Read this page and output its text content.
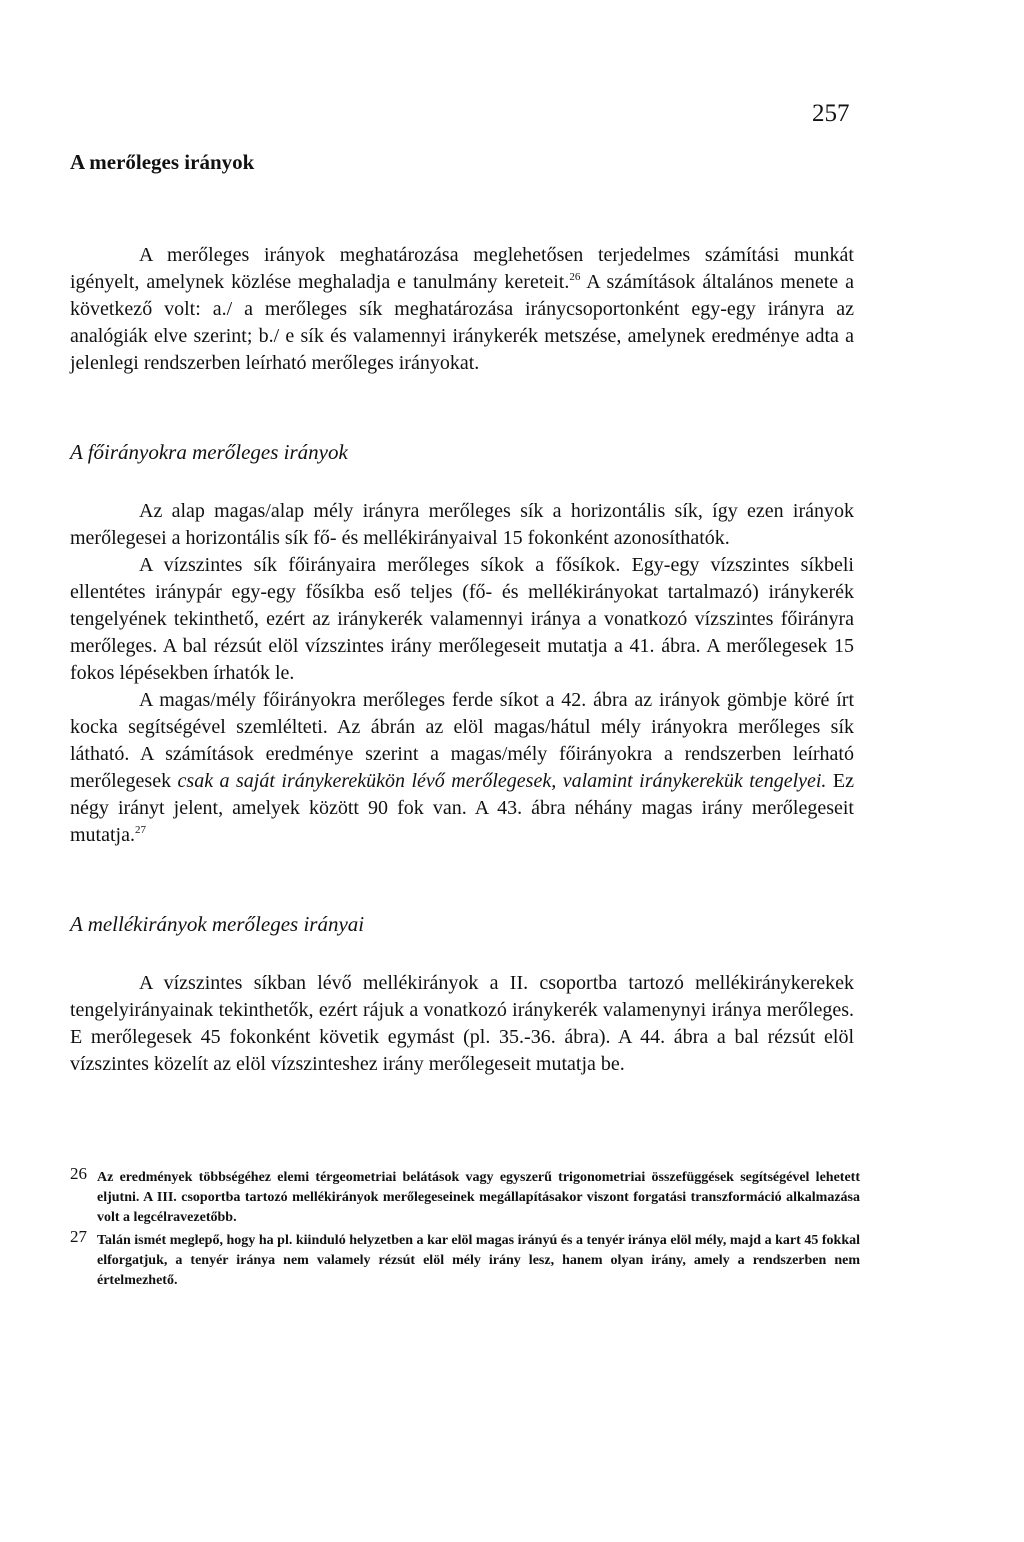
257
A merőleges irányok

A merőleges irányok meghatározása meglehetősen terjedelmes számítási munkát igényelt, amelynek közlése meghaladja e tanulmány kereteit.$^{26}$ A számítások általános menete a következő volt: a./ a merőleges sík meghatározása iránycsoportonként egy-egy irányra az analógiák elve szerint; b./ e sík és valamennyi iránykerék metszése, amelynek eredménye adta a jelenlegi rendszerben leírható merőleges irányokat.

A főirányokra merőleges irányok

Az alap magas/alap mély irányra merőleges sík a horizontális sík, így ezen irányok merőlegesei a horizontális sík fő- és mellékirányaival 15 fokonként azonosíthatók.

A vízszintes sík főirányaira merőleges síkok a fősíkok. Egy-egy vízszintes síkbeli ellentétes iránypár egy-egy fősíkba eső teljes (fő- és mellékirányokat tartalmazó) iránykerék tengelyének tekinthető, ezért az iránykerék valamennyi iránya a vonatkozó vízszintes főirányra merőleges. A bal rézsút elöl vízszintes irány merőlegeseit mutatja a 41. ábra. A merőlegesek 15 fokos lépésekben írhatók le.

A magas/mély főirányokra merőleges ferde síkot a 42. ábra az irányok gömbje köré írt kocka segítségével szemlélteti. Az ábrán az elöl magas/hátul mély irányokra merőleges sík látható. A számítások eredménye szerint a magas/mély főirányokra a rendszerben leírható merőlegesek csak a saját iránykerekükön lévő merőlegesek, valamint iránykerekük tengelyei. Ez négy irányt jelent, amelyek között 90 fok van. A 43. ábra néhány magas irány merőlegeseit mutatja.$^{27}$

A mellékirányok merőleges irányai

A vízszintes síkban lévő mellékirányok a II. csoportba tartozó mellékiránykerekek tengelyirányainak tekinthetők, ezért rájuk a vonatkozó iránykerék valamenynyi iránya merőleges. E merőlegesek 45 fokonként követik egymást (pl. 35.-36. ábra). A 44. ábra a bal rézsút elöl vízszintes közelít az elöl vízszinteshez irány merőlegeseit mutatja be.

26 Az eredmények többségéhez elemi térgeometriai belátások vagy egyszerű trigonometriai összefüggések segítségével lehetett eljutni. A III. csoportba tartozó mellékirányok merőlegeseinek megállapításakor viszont forgatási transzformáció alkalmazása volt a legcélravezetőbb.
27 Talán ismét meglepő, hogy ha pl. kiinduló helyzetben a kar elöl magas irányú és a tenyér iránya elöl mély, majd a kart 45 fokkal elforgatjuk, a tenyér iránya nem valamely rézsút elöl mély irány lesz, hanem olyan irány, amely a rendszerben nem értelmezhető.
